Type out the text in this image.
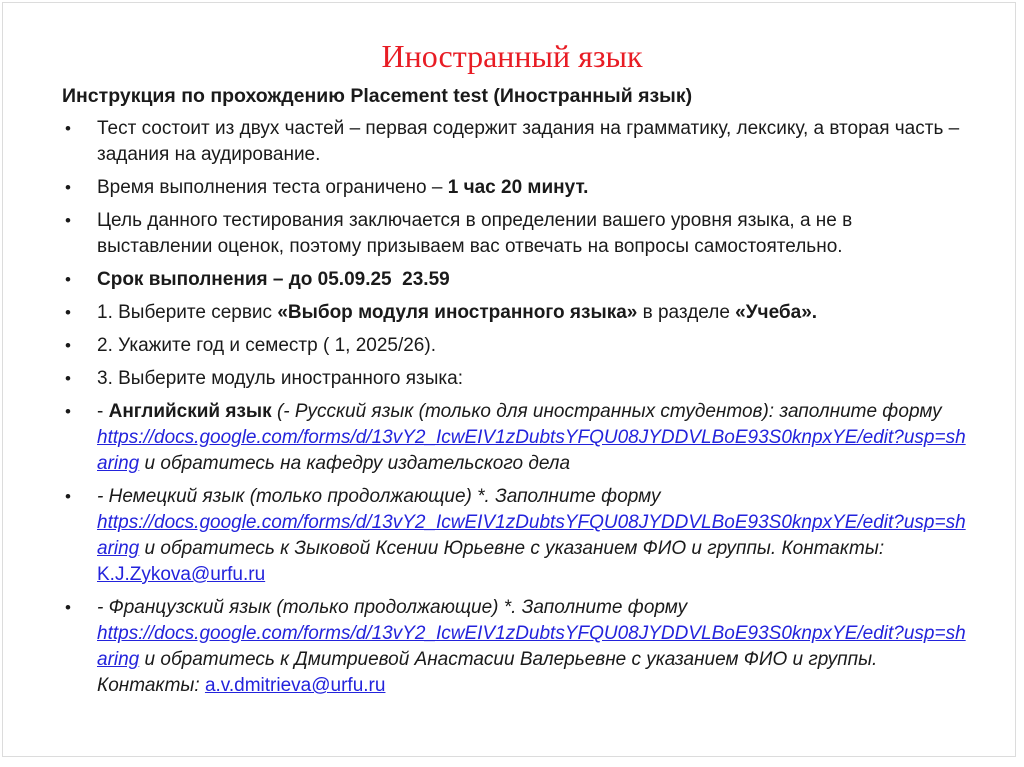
Иностранный язык

Инструкция по прохождению Placement test (Иностранный язык)

• Тест состоит из двух частей – первая содержит задания на грамматику, лексику, а вторая часть – задания на аудирование.
• Время выполнения теста ограничено – 1 час 20 минут.
• Цель данного тестирования заключается в определении вашего уровня языка, а не в выставлении оценок, поэтому призываем вас отвечать на вопросы самостоятельно.
• Срок выполнения – до 05.09.25  23.59
• 1. Выберите сервис «Выбор модуля иностранного языка» в разделе «Учеба».
• 2. Укажите год и семестр ( 1, 2025/26).
• 3. Выберите модуль иностранного языка:
• - Английский язык (- Русский язык (только для иностранных студентов): заполните форму
https://docs.google.com/forms/d/13vY2_IcwEIV1zDubtsYFQU08JYDDVLBoE93S0knpxYE/edit?usp=sharing и обратитесь на кафедру издательского дела
• - Немецкий язык (только продолжающие) *. Заполните форму
https://docs.google.com/forms/d/13vY2_IcwEIV1zDubtsYFQU08JYDDVLBoE93S0knpxYE/edit?usp=sharing и обратитесь к Зыковой Ксении Юрьевне с указанием ФИО и группы. Контакты: K.J.Zykova@urfu.ru
• - Французский язык (только продолжающие) *. Заполните форму
https://docs.google.com/forms/d/13vY2_IcwEIV1zDubtsYFQU08JYDDVLBoE93S0knpxYE/edit?usp=sharing и обратитесь к Дмитриевой Анастасии Валерьевне с указанием ФИО и группы. Контакты: a.v.dmitrieva@urfu.ru
